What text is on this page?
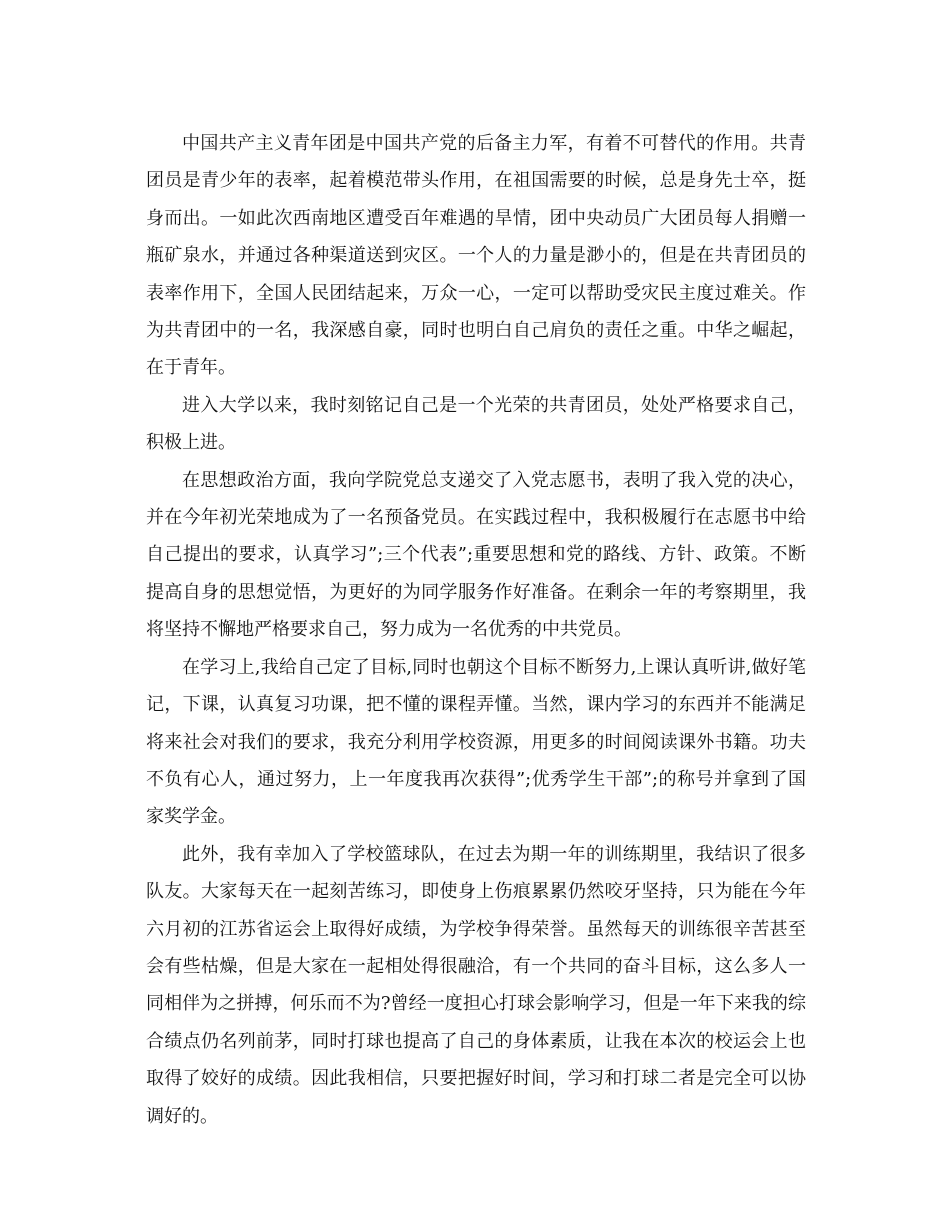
中国共产主义青年团是中国共产党的后备主力军，有着不可替代的作用。共青团员是青少年的表率，起着模范带头作用，在祖国需要的时候，总是身先士卒，挺身而出。一如此次西南地区遭受百年难遇的旱情，团中央动员广大团员每人捐赠一瓶矿泉水，并通过各种渠道送到灾区。一个人的力量是渺小的，但是在共青团员的表率作用下，全国人民团结起来，万众一心，一定可以帮助受灾民主度过难关。作为共青团中的一名，我深感自豪，同时也明白自己肩负的责任之重。中华之崛起，在于青年。

进入大学以来，我时刻铭记自己是一个光荣的共青团员，处处严格要求自己，积极上进。

在思想政治方面，我向学院党总支递交了入党志愿书，表明了我入党的决心，并在今年初光荣地成为了一名预备党员。在实践过程中，我积极履行在志愿书中给自己提出的要求，认真学习”;三个代表”;重要思想和党的路线、方针、政策。不断提高自身的思想觉悟，为更好的为同学服务作好准备。在剩余一年的考察期里，我将坚持不懈地严格要求自己，努力成为一名优秀的中共党员。

在学习上,我给自己定了目标,同时也朝这个目标不断努力,上课认真听讲,做好笔记，下课，认真复习功课，把不懂的课程弄懂。当然，课内学习的东西并不能满足将来社会对我们的要求，我充分利用学校资源，用更多的时间阅读课外书籍。功夫不负有心人，通过努力，上一年度我再次获得”;优秀学生干部”;的称号并拿到了国家奖学金。

此外，我有幸加入了学校篮球队，在过去为期一年的训练期里，我结识了很多队友。大家每天在一起刻苦练习，即使身上伤痕累累仍然咬牙坚持，只为能在今年六月初的江苏省运会上取得好成绩，为学校争得荣誉。虽然每天的训练很辛苦甚至会有些枯燥，但是大家在一起相处得很融洽，有一个共同的奋斗目标，这么多人一同相伴为之拼搏，何乐而不为?曾经一度担心打球会影响学习，但是一年下来我的综合绩点仍名列前茅，同时打球也提高了自己的身体素质，让我在本次的校运会上也取得了姣好的成绩。因此我相信，只要把握好时间，学习和打球二者是完全可以协调好的。
